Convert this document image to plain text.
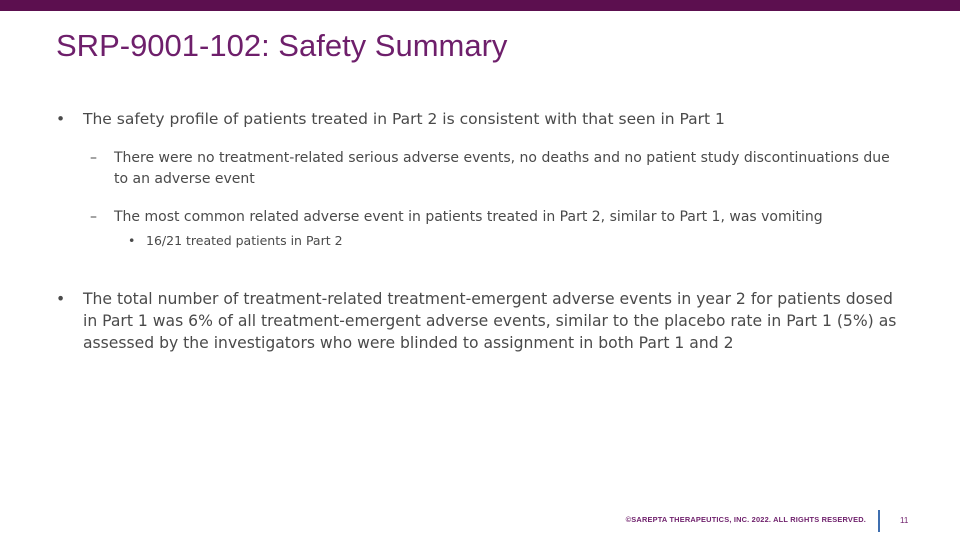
SRP-9001-102: Safety Summary
• The safety profile of patients treated in Part 2 is consistent with that seen in Part 1
– There were no treatment-related serious adverse events, no deaths and no patient study discontinuations due to an adverse event
– The most common related adverse event in patients treated in Part 2, similar to Part 1, was vomiting
• 16/21 treated patients in Part 2
• The total number of treatment-related treatment-emergent adverse events in year 2 for patients dosed in Part 1 was 6% of all treatment-emergent adverse events, similar to the placebo rate in Part 1 (5%) as assessed by the investigators who were blinded to assignment in both Part 1 and 2
©SAREPTA THERAPEUTICS, INC. 2022. ALL RIGHTS RESERVED.	11
